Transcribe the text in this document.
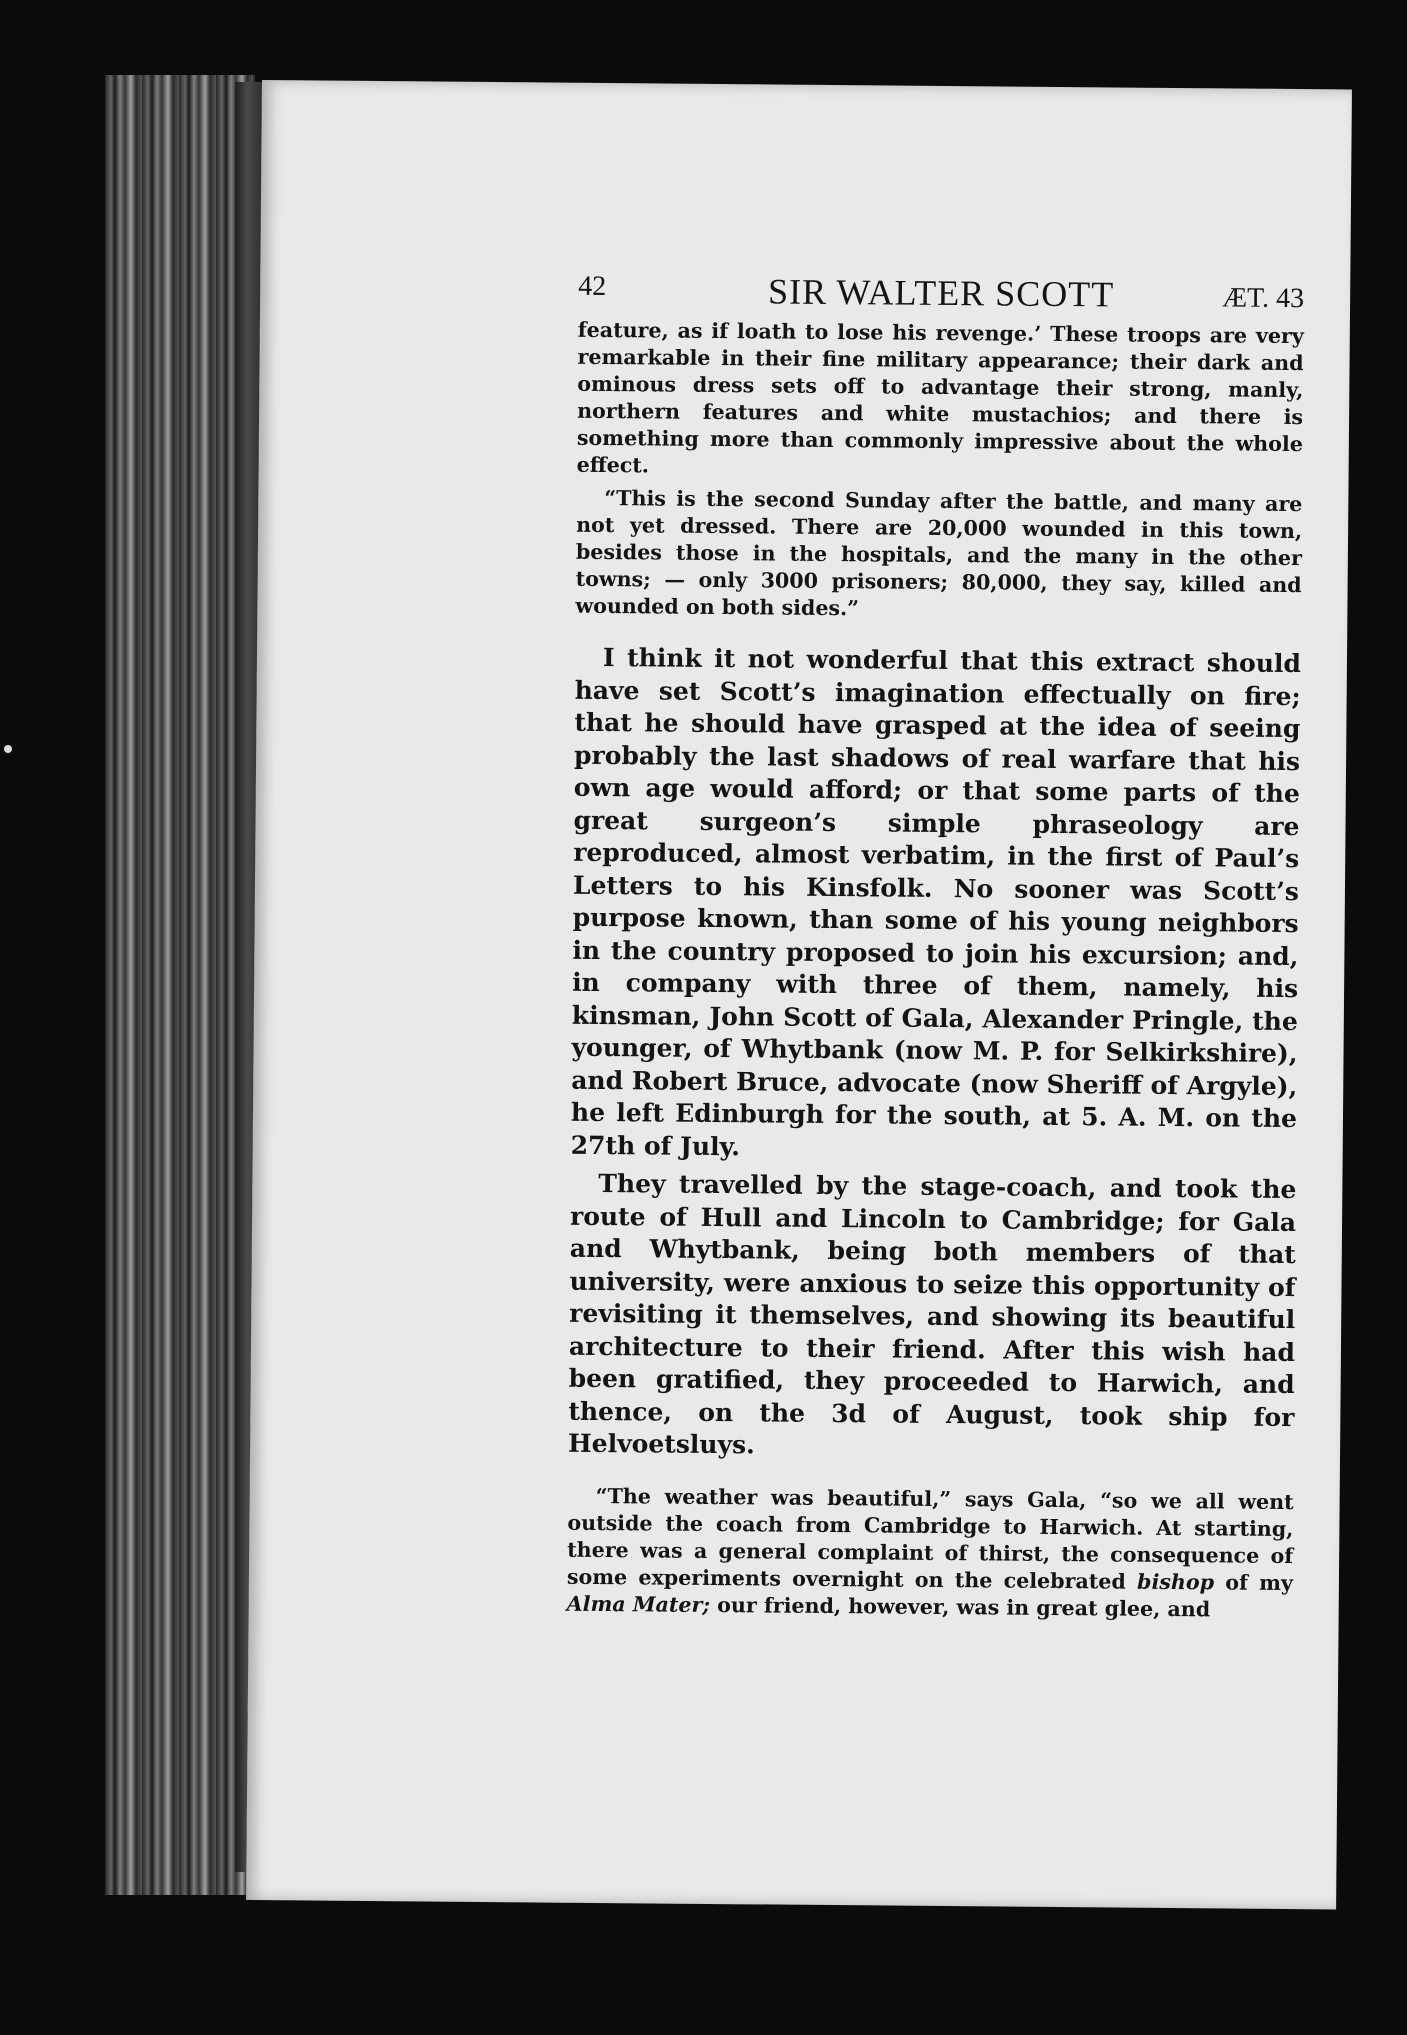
42	SIR WALTER SCOTT	ÆT. 43

feature, as if loath to lose his revenge.’ These troops are very remarkable in their fine military appearance; their dark and ominous dress sets off to advantage their strong, manly, northern features and white mustachios; and there is something more than commonly impressive about the whole effect.

“This is the second Sunday after the battle, and many are not yet dressed. There are 20,000 wounded in this town, besides those in the hospitals, and the many in the other towns; — only 3000 prisoners; 80,000, they say, killed and wounded on both sides.”

I think it not wonderful that this extract should have set Scott’s imagination effectually on fire; that he should have grasped at the idea of seeing probably the last shadows of real warfare that his own age would afford; or that some parts of the great surgeon’s simple phraseology are reproduced, almost verbatim, in the first of Paul’s Letters to his Kinsfolk. No sooner was Scott’s purpose known, than some of his young neighbors in the country proposed to join his excursion; and, in company with three of them, namely, his kinsman, John Scott of Gala, Alexander Pringle, the younger, of Whytbank (now M. P. for Selkirkshire), and Robert Bruce, advocate (now Sheriff of Argyle), he left Edinburgh for the south, at 5. A. M. on the 27th of July.

They travelled by the stage-coach, and took the route of Hull and Lincoln to Cambridge; for Gala and Whytbank, being both members of that university, were anxious to seize this opportunity of revisiting it themselves, and showing its beautiful architecture to their friend. After this wish had been gratified, they proceeded to Harwich, and thence, on the 3d of August, took ship for Helvoetsluys.

“The weather was beautiful,” says Gala, “so we all went outside the coach from Cambridge to Harwich. At starting, there was a general complaint of thirst, the consequence of some experiments overnight on the celebrated bishop of my Alma Mater; our friend, however, was in great glee, and
